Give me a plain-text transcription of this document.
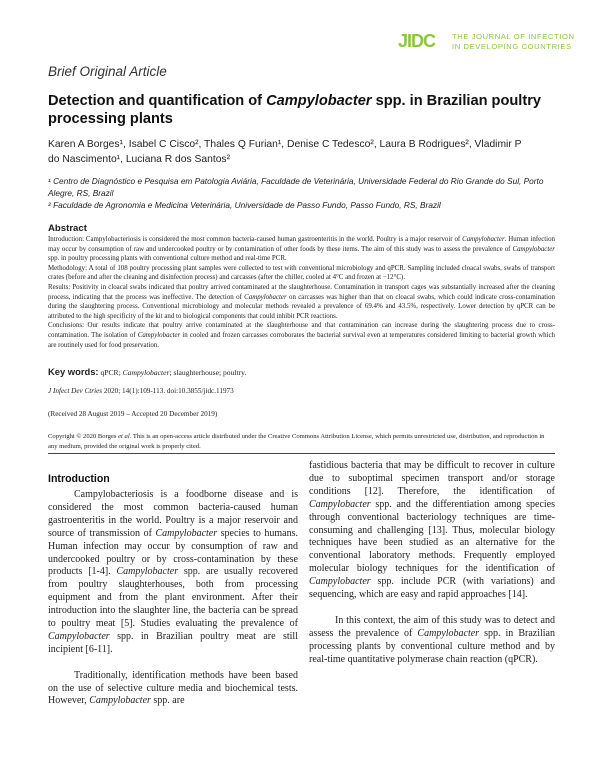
JIDC THE JOURNAL OF INFECTION
IN DEVELOPING COUNTRIES
Brief Original Article
Detection and quantification of Campylobacter spp. in Brazilian poultry processing plants
Karen A Borges¹, Isabel C Cisco², Thales Q Furian¹, Denise C Tedesco², Laura B Rodrigues², Vladimir P
do Nascimento¹, Luciana R dos Santos²

¹ Centro de Diagnóstico e Pesquisa em Patologia Aviária, Faculdade de Veterinária, Universidade Federal do Rio Grande do Sul, Porto Alegre, RS, Brazil

² Faculdade de Agronomia e Medicina Veterinária, Universidade de Passo Fundo, Passo Fundo, RS, Brazil

Abstract

Introduction: Campylobacteriosis is considered the most common bacteria-caused human gastroenteritis in the world. Poultry is a major reservoir of Campylobacter. Human infection may occur by consumption of raw and undercooked poultry or by contamination of other foods by these items. The aim of this study was to assess the prevalence of Campylobacter spp. in poultry processing plants with conventional culture method and real-time PCR.

Methodology: A total of 108 poultry processing plant samples were collected to test with conventional microbiology and qPCR. Sampling included cloacal swabs, swabs of transport crates (before and after the cleaning and disinfection process) and carcasses (after the chiller, cooled at 4°C and frozen at −12°C).

Results: Positivity in cloacal swabs indicated that poultry arrived contaminated at the slaughterhouse. Contamination in transport cages was substantially increased after the cleaning process, indicating that the process was ineffective. The detection of Campylobacter on carcasses was higher than that on cloacal swabs, which could indicate cross-contamination during the slaughtering process. Conventional microbiology and molecular methods revealed a prevalence of 69.4% and 43.5%, respectively. Lower detection by qPCR can be attributed to the high specificity of the kit and to biological components that could inhibit PCR reactions.

Conclusions: Our results indicate that poultry arrive contaminated at the slaughterhouse and that contamination can increase during the slaughtering process due to cross-contamination. The isolation of Campylobacter in cooled and frozen carcasses corroborates the bacterial survival even at temperatures considered limiting to bacterial growth which are routinely used for food preservation.

Key words: qPCR; Campylobacter; slaughterhouse; poultry.
J Infect Dev Ctries 2020; 14(1):109-113. doi:10.3855/jidc.11973
(Received 28 August 2019 – Accepted 20 December 2019)
Copyright © 2020 Borges et al. This is an open-access article distributed under the Creative Commons Attribution License, which permits unrestricted use, distribution, and reproduction in any medium, provided the original work is properly cited.
Introduction

Campylobacteriosis is a foodborne disease and is considered the most common bacteria-caused human gastroenteritis in the world. Poultry is a major reservoir and source of transmission of Campylobacter species to humans. Human infection may occur by consumption of raw and undercooked poultry or by cross-contamination by these products [1-4]. Campylobacter spp. are usually recovered from poultry slaughterhouses, both from processing equipment and from the plant environment. After their introduction into the slaughter line, the bacteria can be spread to poultry meat [5]. Studies evaluating the prevalence of Campylobacter spp. in Brazilian poultry meat are still incipient [6-11].

Traditionally, identification methods have been based on the use of selective culture media and biochemical tests. However, Campylobacter spp. are

fastidious bacteria that may be difficult to recover in culture due to suboptimal specimen transport and/or storage conditions [12]. Therefore, the identification of Campylobacter spp. and the differentiation among species through conventional bacteriology techniques are time-consuming and challenging [13]. Thus, molecular biology techniques have been studied as an alternative for the conventional laboratory methods. Frequently employed molecular biology techniques for the identification of Campylobacter spp. include PCR (with variations) and sequencing, which are easy and rapid approaches [14].

In this context, the aim of this study was to detect and assess the prevalence of Campylobacter spp. in Brazilian processing plants by conventional culture method and by real-time quantitative polymerase chain reaction (qPCR).
